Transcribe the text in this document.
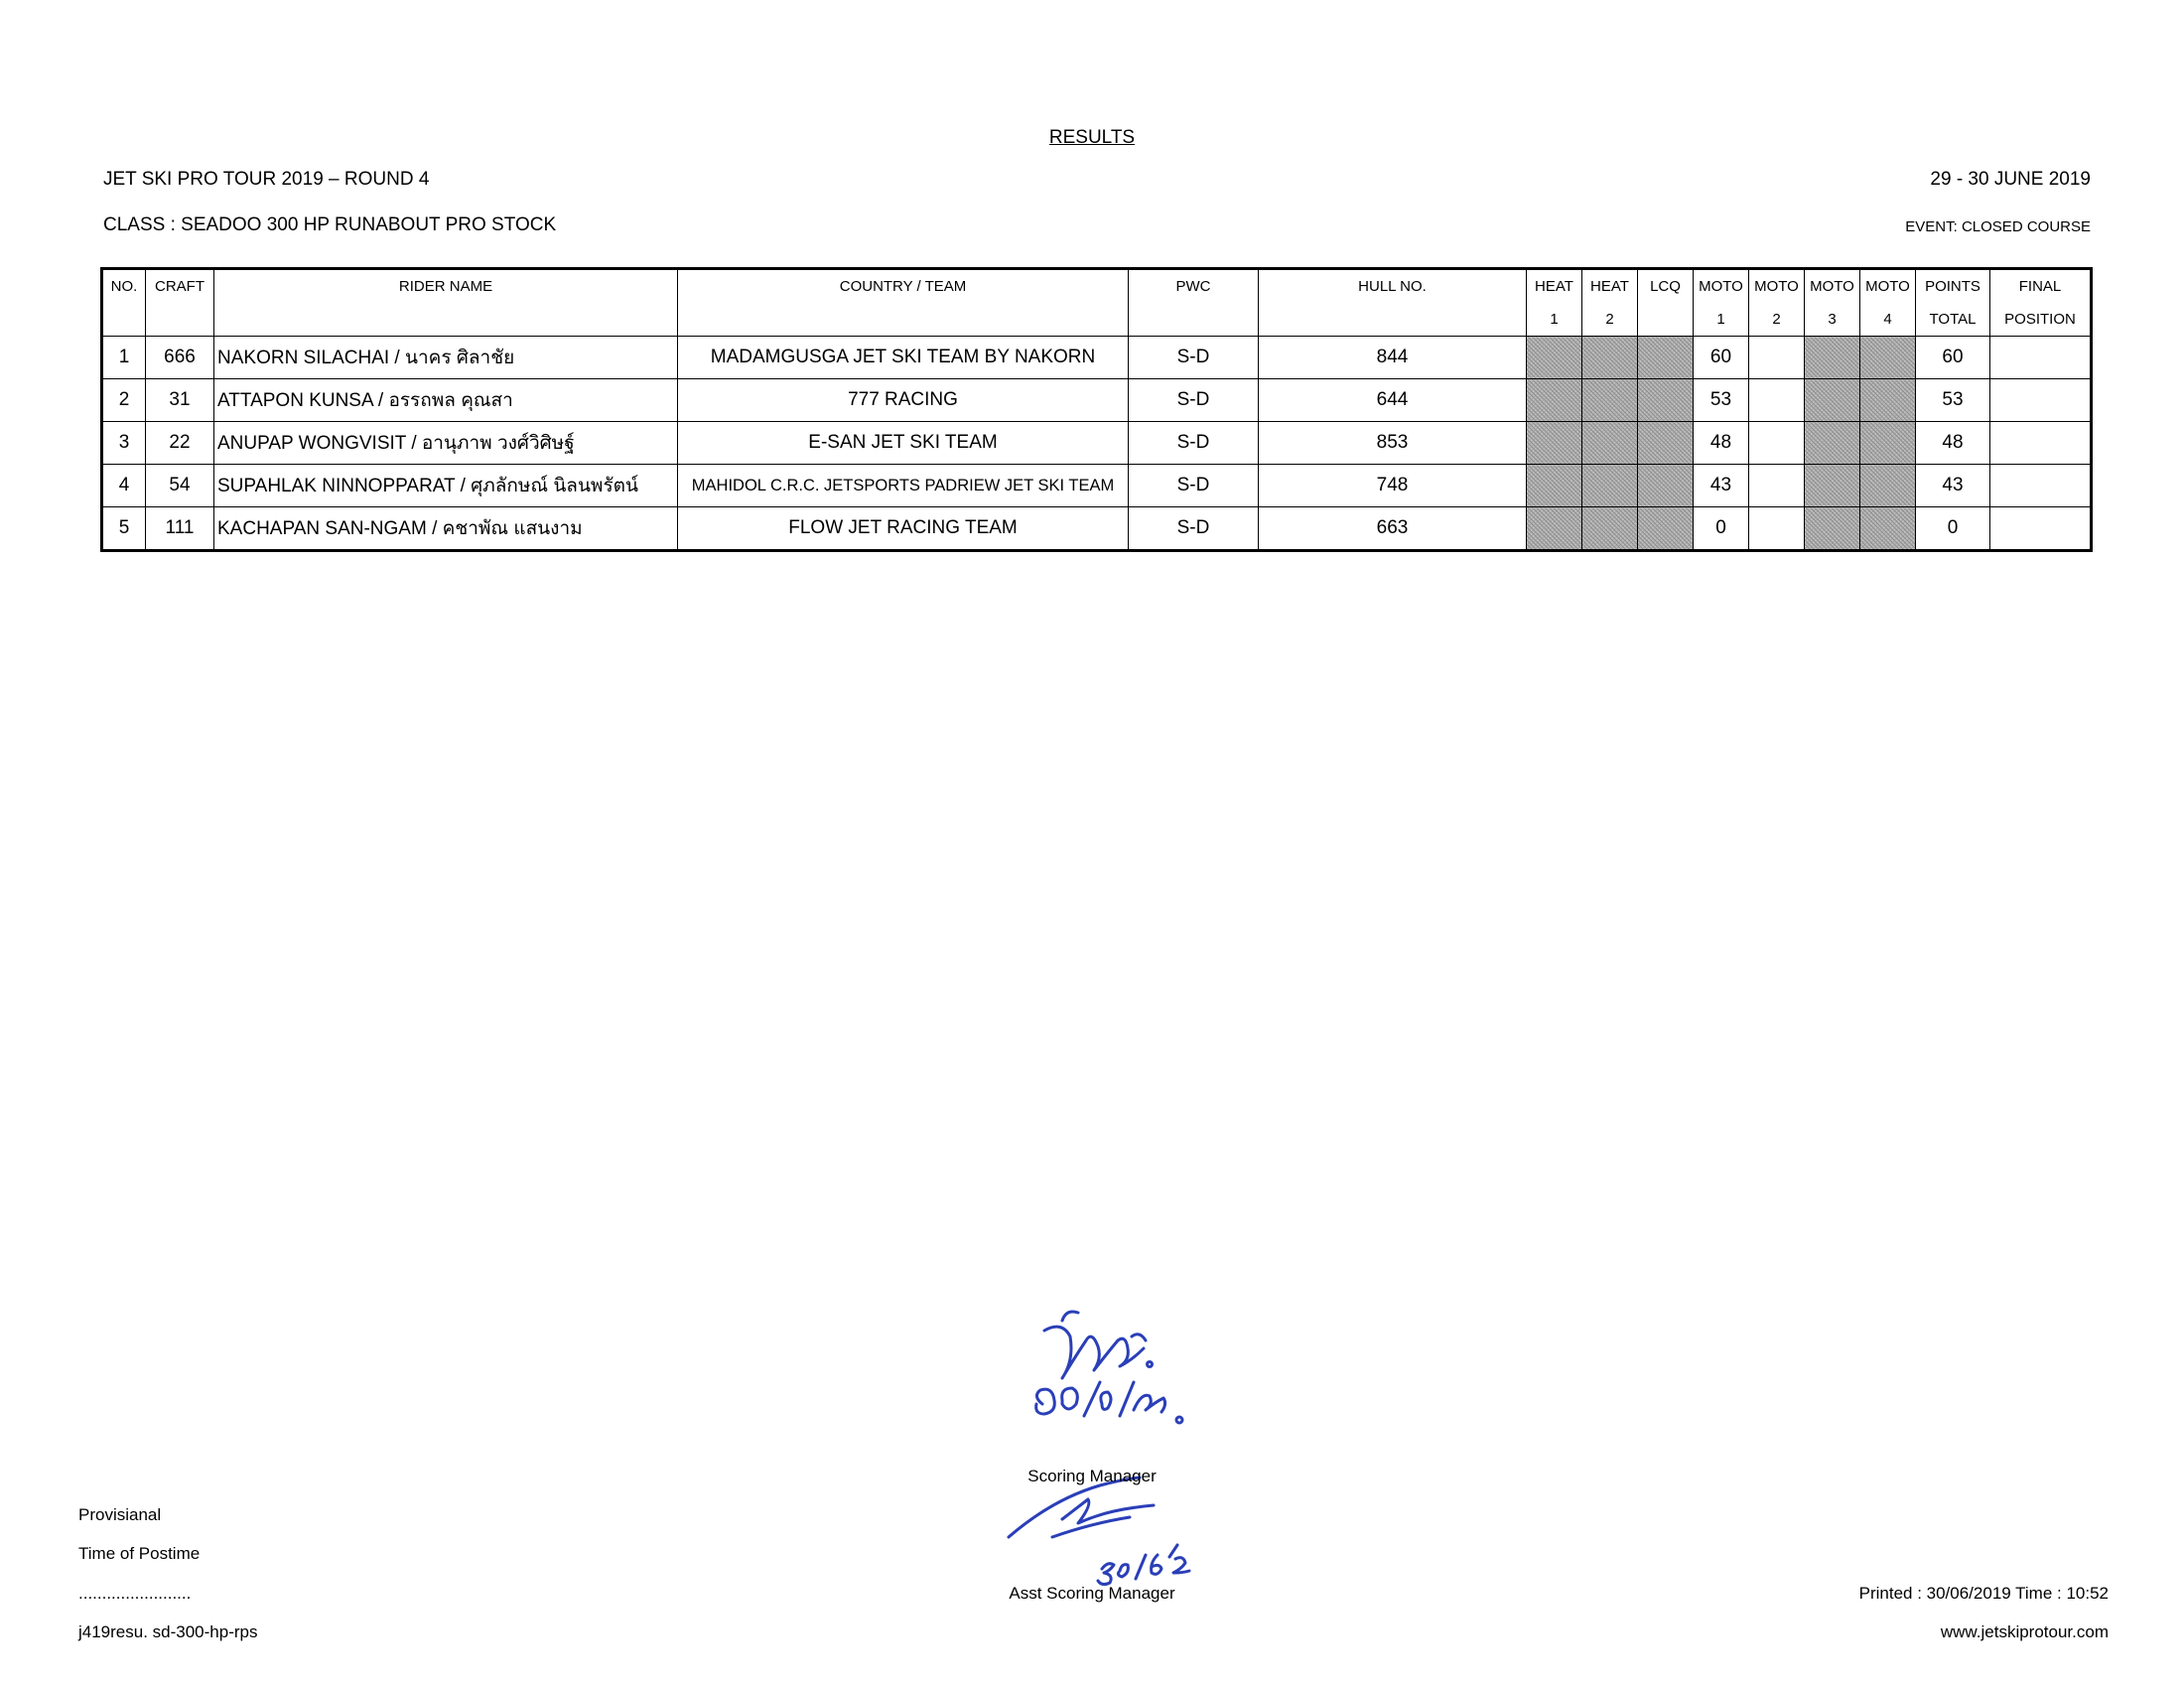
RESULTS
JET SKI PRO TOUR 2019 – ROUND 4	29 - 30 JUNE 2019
CLASS : SEADOO 300 HP RUNABOUT PRO STOCK	EVENT: CLOSED COURSE
NO.	CRAFT	RIDER NAME	COUNTRY / TEAM	PWC	HULL NO.	HEAT	HEAT	LCQ	MOTO	MOTO	MOTO	MOTO	POINTS	FINAL
						1	2		1	2	3	4	TOTAL	POSITION
1	666	NAKORN SILACHAI / นาคร ศิลาชัย	MADAMGUSGA JET SKI TEAM BY NAKORN	S-D	844				60				60	
2	31	ATTAPON KUNSA / อรรถพล คุณสา	777 RACING	S-D	644				53				53	
3	22	ANUPAP WONGVISIT / อานุภาพ วงศ์วิศิษฐ์	E-SAN JET SKI TEAM	S-D	853				48				48	
4	54	SUPAHLAK NINNOPPARAT / ศุภลักษณ์ นิลนพรัตน์	MAHIDOL C.R.C. JETSPORTS PADRIEW JET SKI TEAM	S-D	748				43				43	
5	111	KACHAPAN SAN-NGAM / คชาพัณ แสนงาม	FLOW JET RACING TEAM	S-D	663				0				0	
Scoring Manager
Asst Scoring Manager
Provisianal
Time of Postime
........................
j419resu. sd-300-hp-rps
Printed : 30/06/2019 Time : 10:52
www.jetskiprotour.com
